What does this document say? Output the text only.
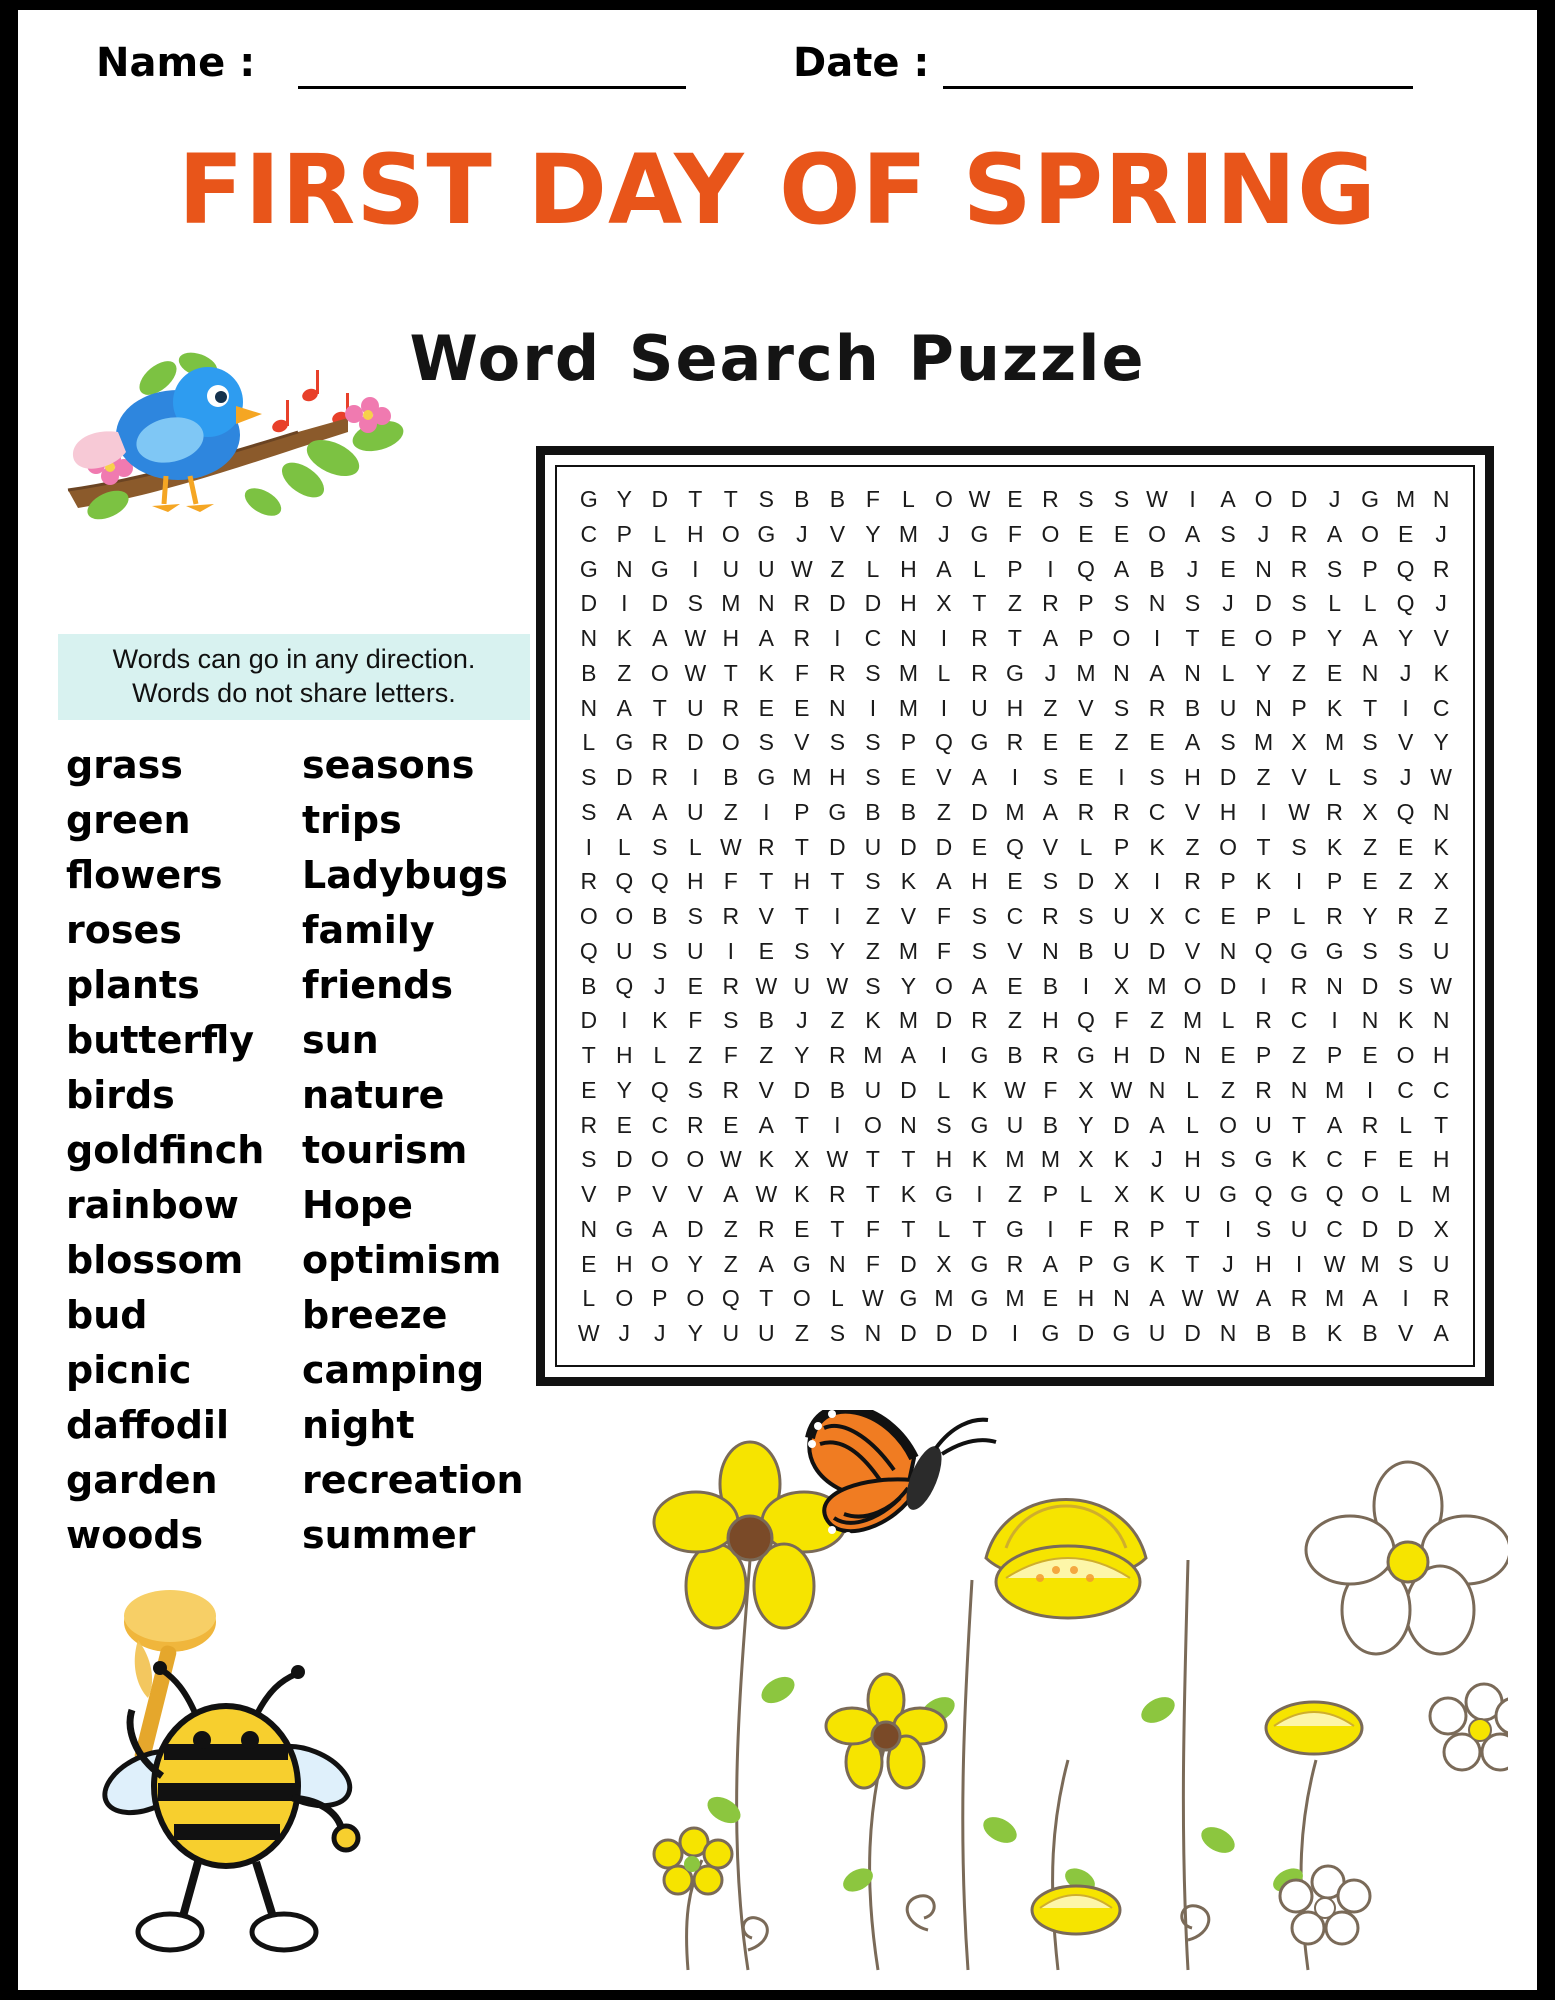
Name :	Date :
FIRST DAY OF SPRING
Word Search Puzzle
Words can go in any direction.
Words do not share letters.
grass
green
flowers
roses
plants
butterfly
birds
goldfinch
rainbow
blossom
bud
picnic
daffodil
garden
woods
seasons
trips
Ladybugs
family
friends
sun
nature
tourism
Hope
optimism
breeze
camping
night
recreation
summer
G Y D T T S B B F L O W E R S S W I	A O D J G M N
C P L H O G J V Y M J G F O E E O A S J R A O E J
G N G	I	U U W Z L H A L P	I	Q A B J E N R S P Q R
D	I	D S M N R D D H X T Z R P S N S J D S L L Q J
N K A W H A R	I	C N	I	R T A P O	I	T E O P Y A Y V
B Z O W T K F R S M L R G J M N A N L Y Z E N J K
N A T U R E E N	I M I	U H Z V S R B U N P K T	I	C
L G R D O S V S S P Q G R E E Z E A S M X M S V Y
S D R	I	B G M H S E V A	I	S E	I	S H D Z V L S J W
S A A U Z	I	P G B B Z D M A R R C V H	I W R X Q N
I	L S L W R T D U D D E Q V L P K Z O T S K Z E K
R Q Q H F T H T S K A H E S D X	I	R P K	I	P E Z X
O O B S R V T	I	Z V F S C R S U X C E P L R Y R Z
Q U S U	I	E S Y Z M F S V N B U D V N Q G G S S U
B Q J E R W U W S Y O A E B	I	X M O D	I	R N D S W
D	I	K F S B J Z K M D R Z H Q F Z M L R C	I	N K N
T H L Z F Z Y R M A	I	G B R G H D N E P Z P E O H
E Y Q S R V D B U D L K W F X W N L Z R N M I	C C
R E C R E A T	I	O N S G U B Y D A L O U T A R L T
S D O O W K X W T T H K M M X K J H S G K C F E H
V P V V A W K R T K G	I	Z P L X K U G Q G Q O L M
N G A D Z R E T F T L T G	I	F R P T	I	S U C D D X
E H O Y Z A G N F D X G R A P G K T J H	I W M S U
L O P O Q T O L W G M G M E H N A W W A R M A	I	R
W J	J Y U U Z S N D D D	I	G D G U D N B B K B V A
